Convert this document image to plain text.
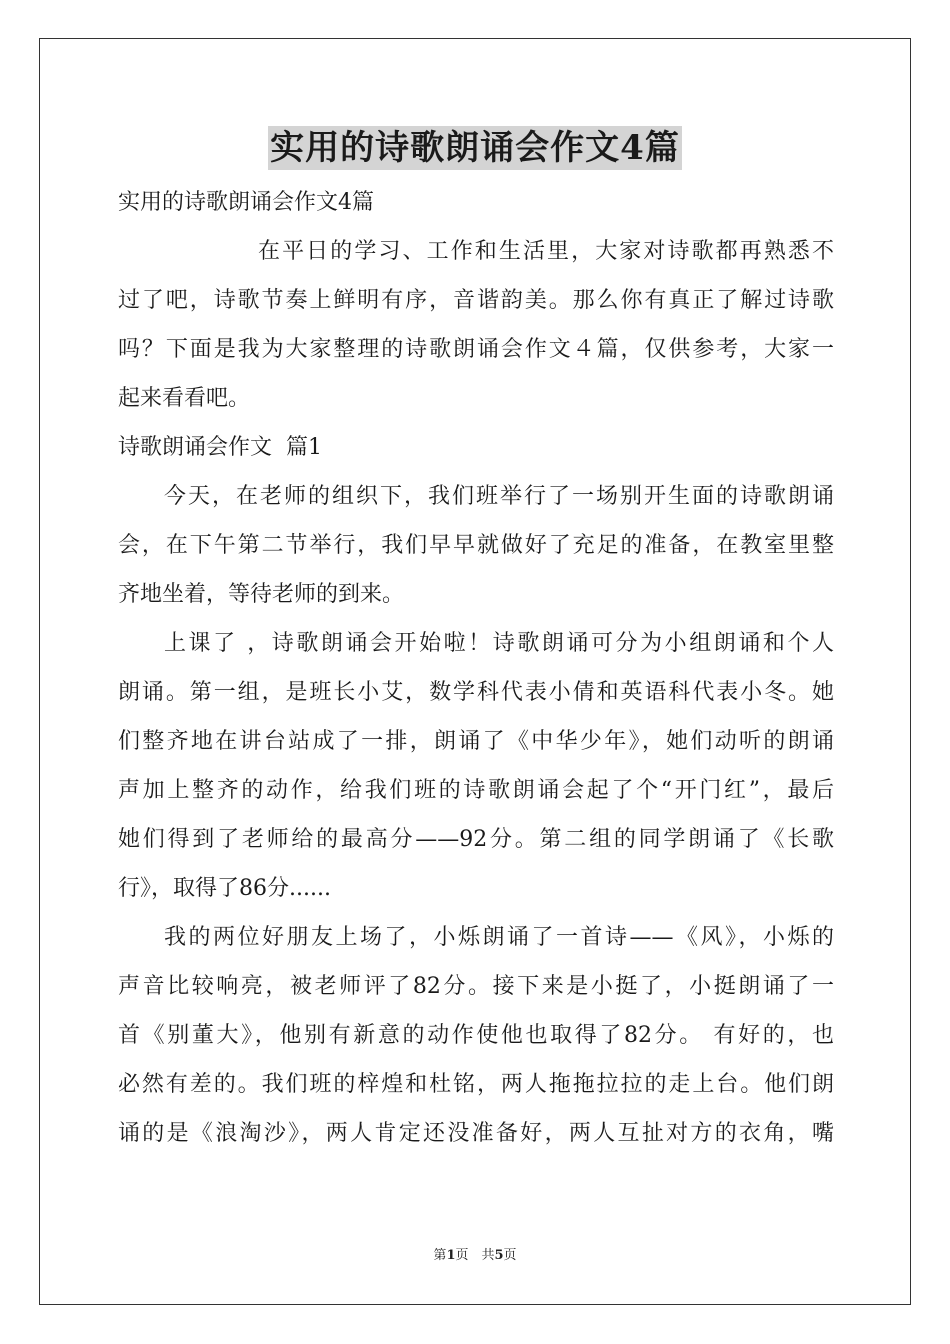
实用的诗歌朗诵会作文4篇
实用的诗歌朗诵会作文4篇
在平日的学习、工作和生活里，大家对诗歌都再熟悉不
过了吧，诗歌节奏上鲜明有序，音谐韵美。那么你有真正了解过诗歌
吗？下面是我为大家整理的诗歌朗诵会作文４篇，仅供参考，大家一
起来看看吧。
诗歌朗诵会作文  篇1
今天，在老师的组织下，我们班举行了一场别开生面的诗歌朗诵
会，在下午第二节举行，我们早早就做好了充足的准备，在教室里整
齐地坐着，等待老师的到来。
上课了 ，诗歌朗诵会开始啦！诗歌朗诵可分为小组朗诵和个人
朗诵。第一组，是班长小艾，数学科代表小倩和英语科代表小冬。她
们整齐地在讲台站成了一排，朗诵了《中华少年》，她们动听的朗诵
声加上整齐的动作，给我们班的诗歌朗诵会起了个“开门红”，最后
她们得到了老师给的最高分——92分。第二组的同学朗诵了《长歌
行》，取得了86分......
我的两位好朋友上场了，小烁朗诵了一首诗——《风》，小烁的
声音比较响亮，被老师评了82分。接下来是小挺了，小挺朗诵了一
首《别董大》，他别有新意的动作使他也取得了82分。 有好的，也
必然有差的。我们班的梓煌和杜铭，两人拖拖拉拉的走上台。他们朗
诵的是《浪淘沙》，两人肯定还没准备好，两人互扯对方的衣角，嘴
第1页　共5页
